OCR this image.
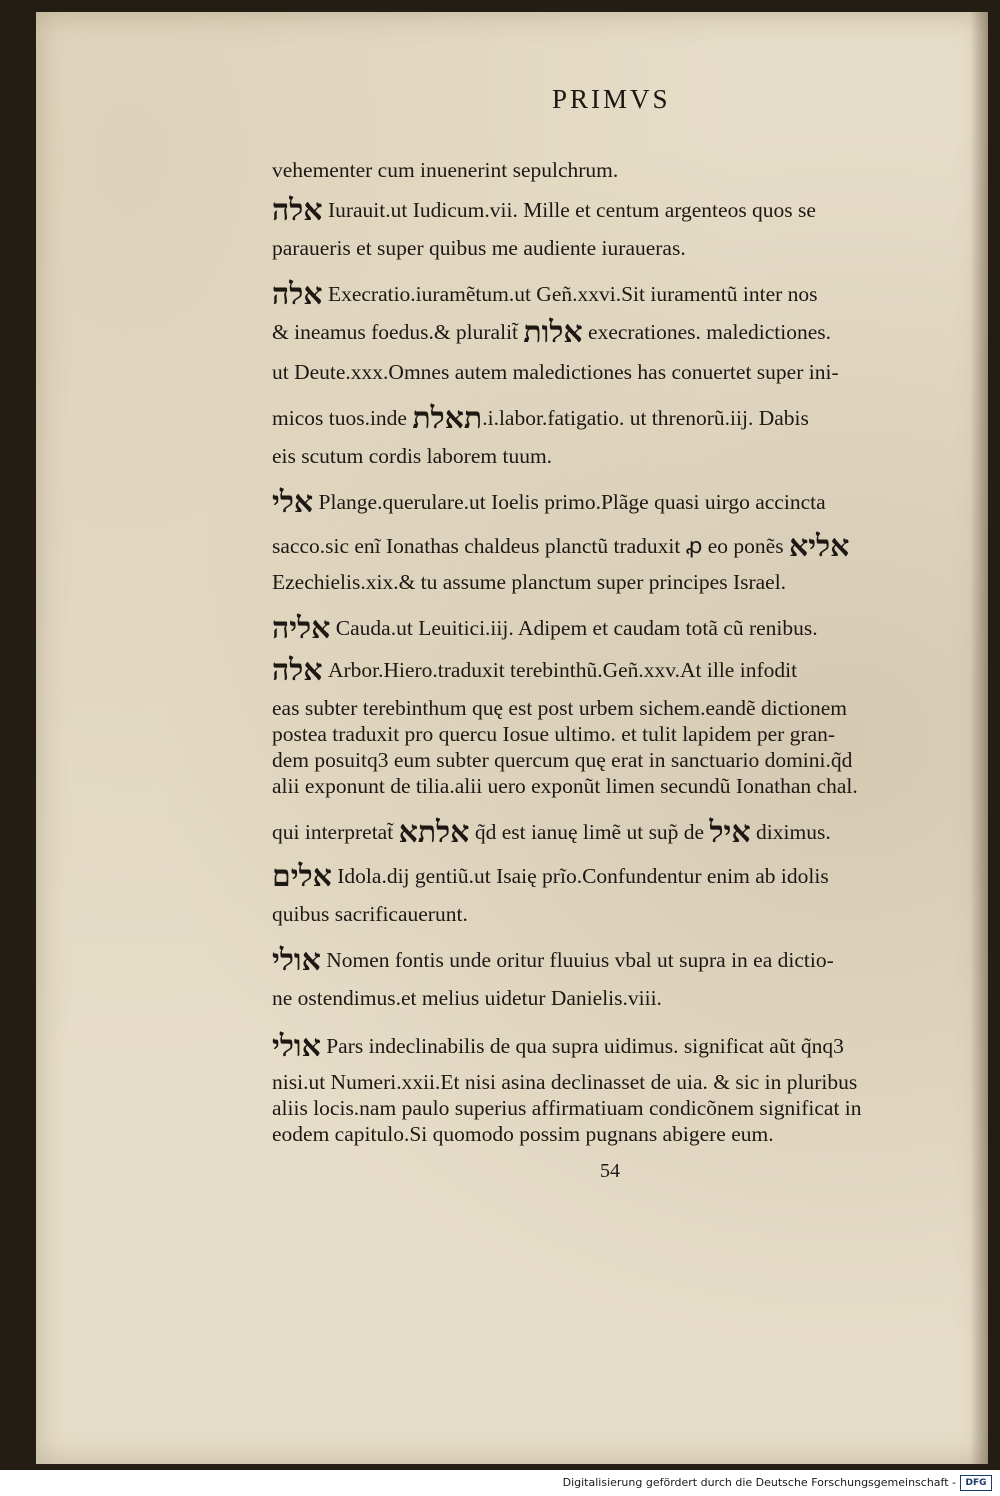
PRIMVS
vehementer cum inuenerint sepulchrum.
אלה Iurauit.ut Iudicum.vii. Mille et centum argenteos quos se
paraueris et super quibus me audiente iuraueras.
אלה Execratio.iuramẽtum.ut Geñ.xxvi.Sit iuramentũ inter nos
& ineamus foedus.& pluralit̃ אלות execrationes. maledictiones.
ut Deute.xxx.Omnes autem maledictiones has conuertet super ini-
micos tuos.inde תאלת.i.labor.fatigatio. ut threnorũ.iij. Dabis
eis scutum cordis laborem tuum.
אלי Plange.querulare.ut Ioelis primo.Plãge quasi uirgo accincta
sacco.sic enĩ Ionathas chaldeus planctũ traduxit ꝓ eo ponẽs אליא
Ezechielis.xix.& tu assume planctum super principes Israel.
אליה Cauda.ut Leuitici.iij. Adipem et caudam totã cũ renibus.
אלה Arbor.Hiero.traduxit terebinthũ.Geñ.xxv.At ille infodit
eas subter terebinthum quę est post urbem sichem.eandẽ dictionem
postea traduxit pro quercu Iosue ultimo. et tulit lapidem per gran-
dem posuitq3 eum subter quercum quę erat in sanctuario domini.q̃d
alii exponunt de tilia.alii uero exponũt limen secundũ Ionathan chal.
qui interpretat̃ אלתא q̃d est ianuę limẽ ut sup̃ de איל diximus.
אלים Idola.dij gentiũ.ut Isaię prĩo.Confundentur enim ab idolis
quibus sacrificauerunt.
אולי Nomen fontis unde oritur fluuius vbal ut supra in ea dictio-
ne ostendimus.et melius uidetur Danielis.viii.
אולי Pars indeclinabilis de qua supra uidimus. significat aũt q̃nq3
nisi.ut Numeri.xxii.Et nisi asina declinasset de uia. & sic in pluribus
aliis locis.nam paulo superius affirmatiuam condicõnem significat in
eodem capitulo.Si quomodo possim pugnans abigere eum.
54
Digitalisierung gefördert durch die Deutsche Forschungsgemeinschaft -	DFG
